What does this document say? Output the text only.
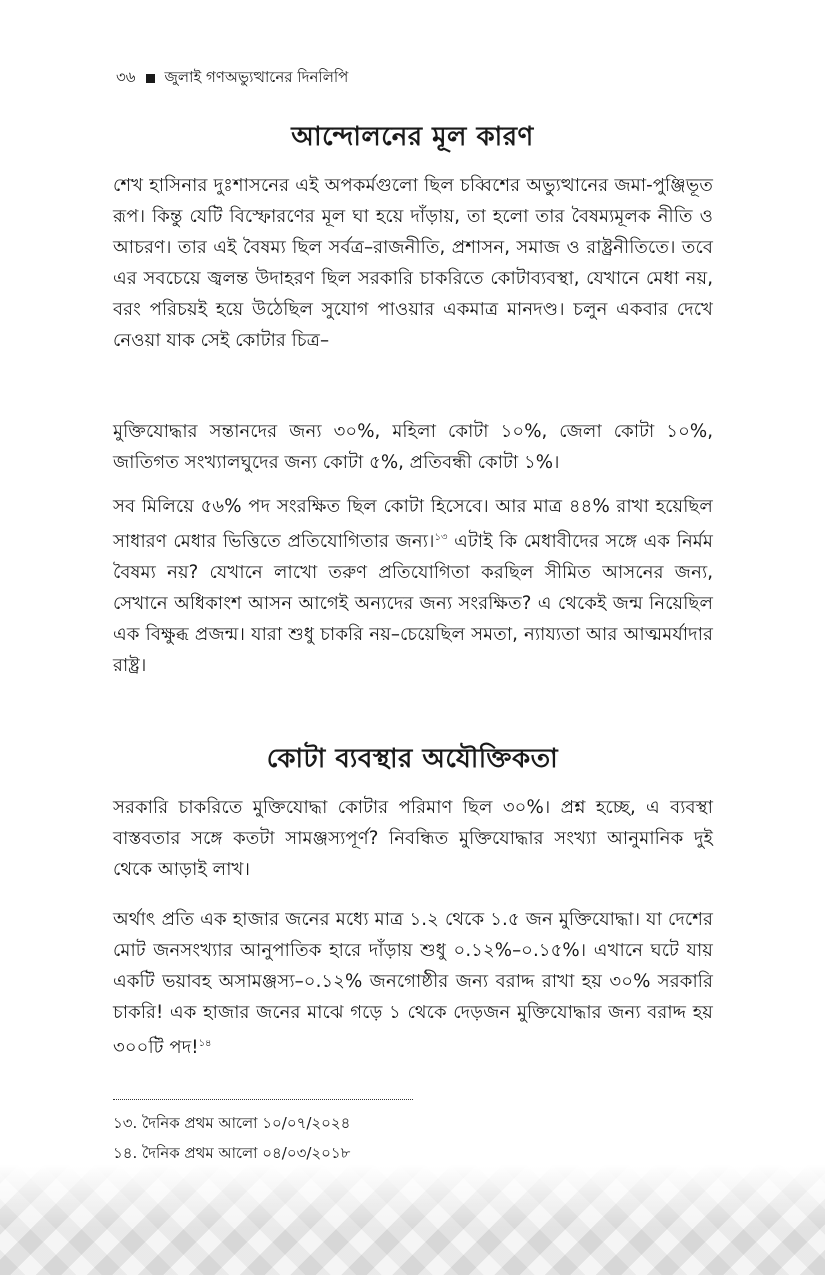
৩৬ জুলাই গণঅভ্যুত্থানের দিনলিপি
আন্দোলনের মূল কারণ

শেখ হাসিনার দুঃশাসনের এই অপকর্মগুলো ছিল চব্বিশের অভ্যুত্থানের জমা-পুঞ্জিভূত রূপ। কিন্তু যেটি বিস্ফোরণের মূল ঘা হয়ে দাঁড়ায়, তা হলো তার বৈষম্যমূলক নীতি ও আচরণ। তার এই বৈষম্য ছিল সর্বত্র–রাজনীতি, প্রশাসন, সমাজ ও রাষ্ট্রনীতিতে। তবে এর সবচেয়ে জ্বলন্ত উদাহরণ ছিল সরকারি চাকরিতে কোটাব্যবস্থা, যেখানে মেধা নয়, বরং পরিচয়ই হয়ে উঠেছিল সুযোগ পাওয়ার একমাত্র মানদণ্ড। চলুন একবার দেখে নেওয়া যাক সেই কোটার চিত্র–

মুক্তিযোদ্ধার সন্তানদের জন্য ৩০%, মহিলা কোটা ১০%, জেলা কোটা ১০%, জাতিগত সংখ্যালঘুদের জন্য কোটা ৫%, প্রতিবন্ধী কোটা ১%।

সব মিলিয়ে ৫৬% পদ সংরক্ষিত ছিল কোটা হিসেবে। আর মাত্র ৪৪% রাখা হয়েছিল সাধারণ মেধার ভিত্তিতে প্রতিযোগিতার জন্য।$^{১৩}$ এটাই কি মেধাবীদের সঙ্গে এক নির্মম বৈষম্য নয়? যেখানে লাখো তরুণ প্রতিযোগিতা করছিল সীমিত আসনের জন্য, সেখানে অধিকাংশ আসন আগেই অন্যদের জন্য সংরক্ষিত? এ থেকেই জন্ম নিয়েছিল এক বিক্ষুব্ধ প্রজন্ম। যারা শুধু চাকরি নয়–চেয়েছিল সমতা, ন্যায্যতা আর আত্মমর্যাদার রাষ্ট্র।

কোটা ব্যবস্থার অযৌক্তিকতা

সরকারি চাকরিতে মুক্তিযোদ্ধা কোটার পরিমাণ ছিল ৩০%। প্রশ্ন হচ্ছে, এ ব্যবস্থা বাস্তবতার সঙ্গে কতটা সামঞ্জস্যপূর্ণ? নিবন্ধিত মুক্তিযোদ্ধার সংখ্যা আনুমানিক দুই থেকে আড়াই লাখ।

অর্থাৎ প্রতি এক হাজার জনের মধ্যে মাত্র ১.২ থেকে ১.৫ জন মুক্তিযোদ্ধা। যা দেশের মোট জনসংখ্যার আনুপাতিক হারে দাঁড়ায় শুধু ০.১২%–০.১৫%। এখানে ঘটে যায় একটি ভয়াবহ অসামঞ্জস্য–০.১২% জনগোষ্ঠীর জন্য বরাদ্দ রাখা হয় ৩০% সরকারি চাকরি! এক হাজার জনের মাঝে গড়ে ১ থেকে দেড়জন মুক্তিযোদ্ধার জন্য বরাদ্দ হয় ৩০০টি পদ!$^{১৪}$

১৩. দৈনিক প্রথম আলো ১০/০৭/২০২৪

১৪. দৈনিক প্রথম আলো ০৪/০৩/২০১৮
